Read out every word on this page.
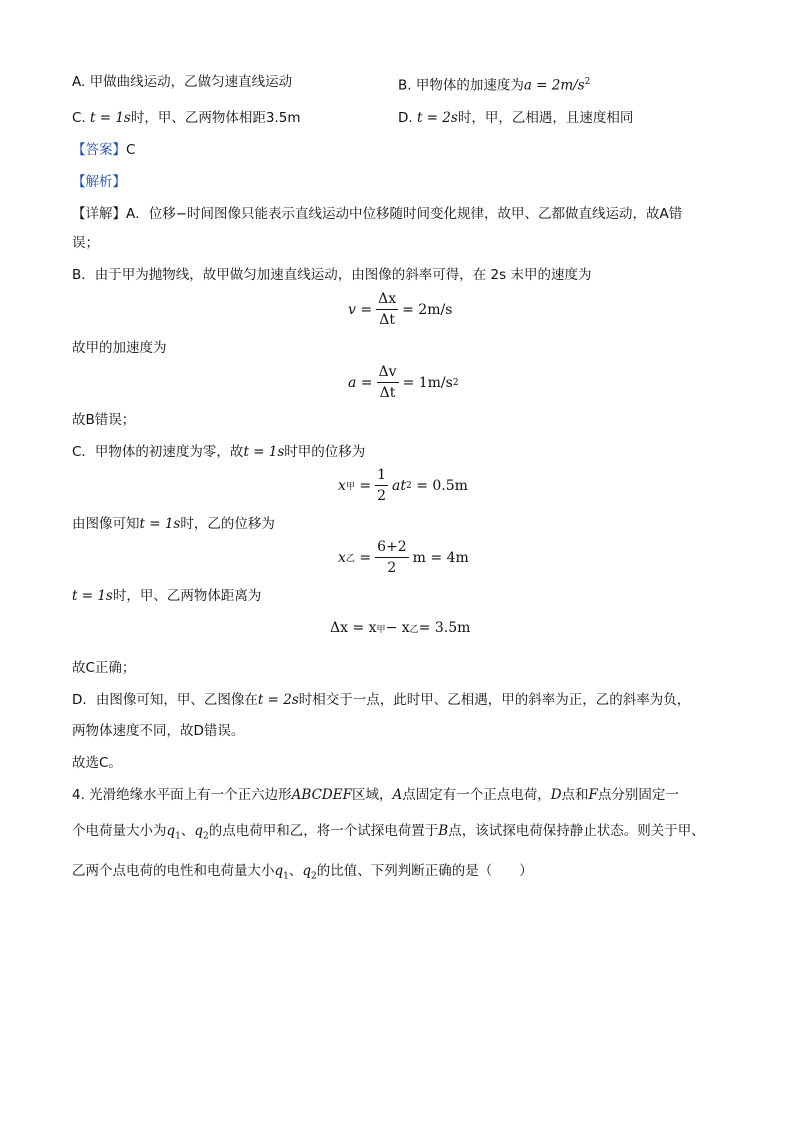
A. 甲做曲线运动，乙做匀速直线运动	B. 甲物体的加速度为$a = 2m/s^2$
C. t = 1s时，甲、乙两物体相距3.5m	D. t = 2s时，甲，乙相遇，且速度相同
【答案】C
【解析】
【详解】A．位移−时间图像只能表示直线运动中位移随时间变化规律，故甲、乙都做直线运动，故A错
误；
B．由于甲为抛物线，故甲做匀加速直线运动，由图像的斜率可得，在 2s 末甲的速度为
$v = \frac{\Delta x}{\Delta t} = 2m/s$
故甲的加速度为
$a = \frac{\Delta v}{\Delta t} = 1m/s$ 2
故B错误；
C．甲物体的初速度为零，故t = 1s时甲的位移为
x 甲 = $\frac{1}{2}$ at 2
= 0.5m
由图像可知t = 1s时，乙的位移为
x 乙 = $\frac{6+2}{2}$ m = 4m
t = 1s时，甲、乙两物体距离为
Δx = x 甲 − x 乙 = 3.5m
故C正确；
D．由图像可知，甲、乙图像在t = 2s时相交于一点，此时甲、乙相遇，甲的斜率为正，乙的斜率为负，
两物体速度不同，故D错误。
故选C。
4. 光滑绝缘水平面上有一个正六边形ABCDEF区域，A点固定有一个正点电荷，D点和F点分别固定一
个电荷量大小为$q_1$、$q_2$的点电荷甲和乙，将一个试探电荷置于B点，该试探电荷保持静止状态。则关于甲、
乙两个点电荷的电性和电荷量大小$q_1$、$q_2$的比值、下列判断正确的是（　　）
